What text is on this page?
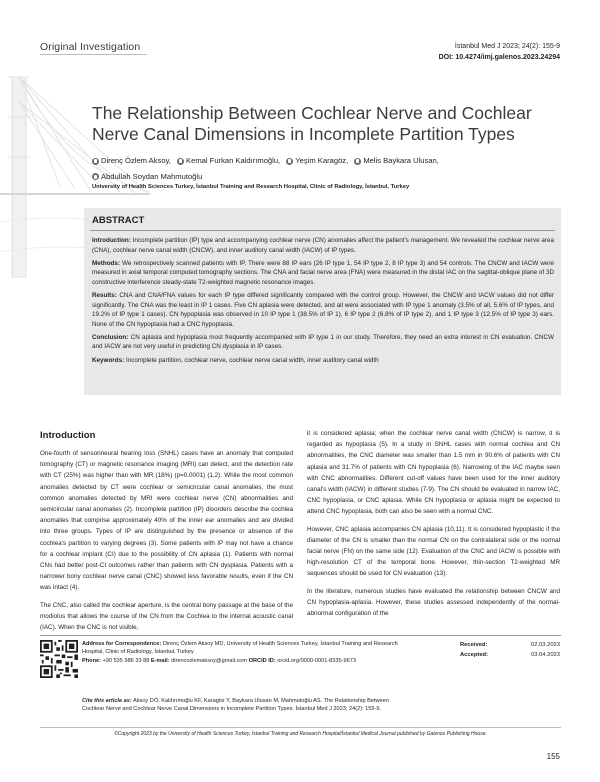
Original Investigation	İstanbul Med J 2023; 24(2): 155-9
DOI: 10.4274/imj.galenos.2023.24294
The Relationship Between Cochlear Nerve and Cochlear Nerve Canal Dimensions in Incomplete Partition Types
Direnç Özlem Aksoy,
Kemal Furkan Kaldırımoğlu,
Yeşim Karagöz,
Melis Baykara Ulusan,

Abdullah Soydan Mahmutoğlu
University of Health Sciences Turkey, İstanbul Training and Research Hospital, Clinic of Radiology, İstanbul, Turkey
ABSTRACT

Introduction: Incomplete partition (IP) type and accompanying cochlear nerve (CN) anomalies affect the patient's management. We revealed the cochlear nerve area (CNA), cochlear nerve canal width (CNCW), and inner auditory canal width (IACW) of IP types.

Methods: We retrospectively scanned patients with IP. There were 88 IP ears (26 IP type 1, 54 IP type 2, 8 IP type 3) and 54 controls. The CNCW and IACW were measured in axial temporal computed tomography sections. The CNA and facial nerve area (FNA) were measured in the distal IAC on the sagittal-oblique plane of 3D constructive interference steady-state T2-weighted magnetic resonance images.

Results: CNA and CNA/FNA values for each IP type differed significantly compared with the control group. However, the CNCW and IACW values did not differ significantly. The CNA was the least in IP 1 cases. Five CN aplasia were detected, and all were associated with IP type 1 anomaly (3.5% of all, 5.6% of IP types, and 19.2% of IP type 1 cases). CN hypoplasia was observed in 10 IP type 1 (38.5% of IP 1), 6 IP type 2 (6.8% of IP type 2), and 1 IP type 3 (12.5% of IP type 3) ears. None of the CN hypoplasia had a CNC hypoplasia.

Conclusion: CN aplasia and hypoplasia most frequently accompanied with IP type 1 in our study. Therefore, they need an extra interest in CN evaluation. CNCW and IACW are not very useful in predicting CN dysplasia in IP cases.

Keywords: Incomplete partition, cochlear nerve, cochlear nerve canal width, inner auditory canal width

Introduction

One-fourth of sensorineural hearing loss (SNHL) cases have an anomaly that computed tomography (CT) or magnetic resonance imaging (MRI) can detect, and the detection rate with CT (25%) was higher than with MR (18%) (p=0.0001) (1,2). While the most common anomalies detected by CT were cochlear or semicircular canal anomalies, the most common anomalies detected by MRI were cochlear nerve (CN) abnormalities and semicircular canal anomalies (2). Incomplete partition (IP) disorders describe the cochlea anomalies that comprise approximately 40% of the inner ear anomalies and are divided into three groups. Types of IP are distinguished by the presence or absence of the cochlea's partition to varying degrees (3). Some patients with IP may not have a chance for a cochlear implant (CI) due to the possibility of CN aplasia (1). Patients with normal CNs had better post-CI outcomes rather than patients with CN dysplasia. Patients with a narrower bony cochlear nerve canal (CNC) showed less favorable results, even if the CN was intact (4).

The CNC, also called the cochlear aperture, is the central bony passage at the base of the modiolus that allows the course of the CN from the Cochlea to the internal acoustic canal (IAC). When the CNC is not visible,

it is considered aplasia; when the cochlear nerve canal width (CNCW) is narrow, it is regarded as hypoplasia (5). In a study in SNHL cases with normal cochlea and CN abnormalities, the CNC diameter was smaller than 1.5 mm in 90.6% of patients with CN aplasia and 31.7% of patients with CN hypoplasia (6). Narrowing of the IAC maybe seen with CNC abnormalities. Different cut-off values have been used for the inner auditory canal's width (IACW) in different studies (7-9). The CN should be evaluated in narrow IAC, CNC hypoplasia, or CNC aplasia. While CN hypoplasia or aplasia might be expected to attend CNC hypoplasia, both can also be seen with a normal CNC.

However, CNC aplasia accompanies CN aplasia (10,11). It is considered hypoplastic if the diameter of the CN is smaller than the normal CN on the contralateral side or the normal facial nerve (FN) on the same side (12). Evaluation of the CNC and IACW is possible with high-resolution CT of the temporal bone. However, thin-section T2-weighted MR sequences should be used for CN evaluation (13).

In the literature, numerous studies have evaluated the relationship between CNCW and CN hypoplasia-aplasia. However, these studies assessed independently of the normal-abnormal configuration of the

Address for Correspondence: Direnç Özlem Aksoy MD, University of Health Sciences Turkey, İstanbul Training and Research Hospital, Clinic of Radiology, İstanbul, Turkey
Phone: +90 535 986 33 88 E-mail: direncozlemaksoy@gmail.com ORCID ID: orcid.org/0000-0001-8335-9673
Cite this article as: Aksoy DÖ, Kaldırımoğlu KF, Karagöz Y, Baykara Ulusan M, Mahmutoğlu AS. The Relationship Between Cochlear Nerve and Cochlear Nerve Canal Dimensions in Incomplete Partition Types. İstanbul Med J 2023; 24(2): 155-9.
Received:	02.03.2023
Accepted:	03.04.2023
©Copyright 2023 by the University of Health Sciences Turkey, İstanbul Training and Research Hospital/İstanbul Medical Journal published by Galenos Publishing House.
155
